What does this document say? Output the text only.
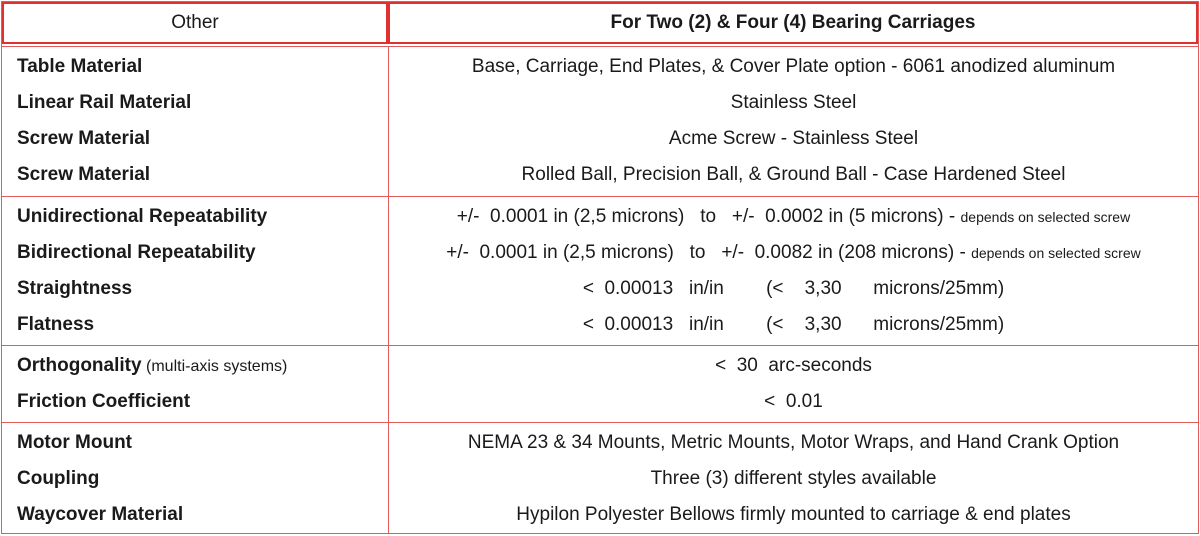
Other	For Two (2) & Four (4) Bearing Carriages
Table Material	Base, Carriage, End Plates, & Cover Plate option - 6061 anodized aluminum
Linear Rail Material	Stainless Steel
Screw Material	Acme Screw - Stainless Steel
Screw Material	Rolled Ball, Precision Ball, & Ground Ball - Case Hardened Steel
Unidirectional Repeatability	+/-  0.0001 in (2,5 microns)   to   +/-  0.0002 in (5 microns) - depends on selected screw
Bidirectional Repeatability	+/-  0.0001 in (2,5 microns)   to   +/-  0.0082 in (208 microns) - depends on selected screw
Straightness	<  0.00013   in/in        (<    3,30      microns/25mm)
Flatness	<  0.00013   in/in        (<    3,30      microns/25mm)
Orthogonality (multi-axis systems)	<  30  arc-seconds
Friction Coefficient	<  0.01
Motor Mount	NEMA 23 & 34 Mounts, Metric Mounts, Motor Wraps, and Hand Crank Option
Coupling	Three (3) different styles available
Waycover Material	Hypilon Polyester Bellows firmly mounted to carriage & end plates
